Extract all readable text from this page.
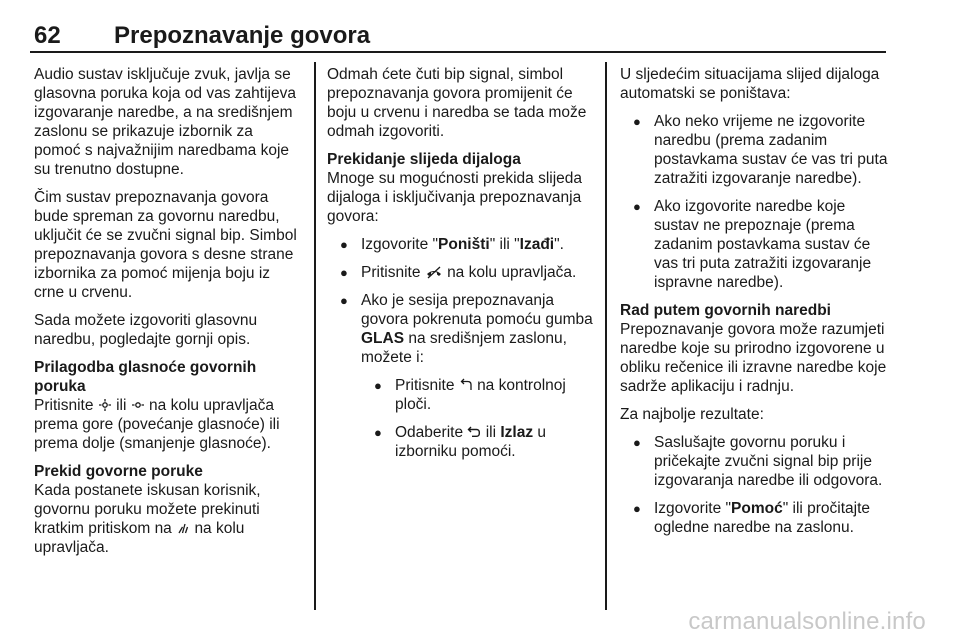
62 Prepoznavanje govora

Audio sustav isključuje zvuk, javlja se glasovna poruka koja od vas zahtijeva izgovaranje naredbe, a na središnjem zaslonu se prikazuje izbornik za pomoć s najvažnijim naredbama koje su trenutno dostupne.

Čim sustav prepoznavanja govora bude spreman za govornu naredbu, uključit će se zvučni signal bip. Simbol prepoznavanja govora s desne strane izbornika za pomoć mijenja boju iz crne u crvenu.

Sada možete izgovoriti glasovnu naredbu, pogledajte gornji opis.

Prilagodba glasnoće govornih poruka

Pritisnite ili na kolu upravljača prema gore (povećanje glasnoće) ili prema dolje (smanjenje glasnoće).

Prekid govorne poruke

Kada postanete iskusan korisnik, govornu poruku možete prekinuti kratkim pritiskom na na kolu upravljača.

Odmah ćete čuti bip signal, simbol prepoznavanja govora promijenit će boju u crvenu i naredba se tada može odmah izgovoriti.

Prekidanje slijeda dijaloga

Mnoge su mogućnosti prekida slijeda dijaloga i isključivanja prepoznavanja govora:

● Izgovorite "Poništi" ili "Izađi".
● Pritisnite na kolu upravljača.
● Ako je sesija prepoznavanja govora pokrenuta pomoću gumba GLAS na središnjem zaslonu, možete i:
● Pritisnite na kontrolnoj ploči.
● Odaberite ili Izlaz u izborniku pomoći.

U sljedećim situacijama slijed dijaloga automatski se poništava:

● Ako neko vrijeme ne izgovorite naredbu (prema zadanim postavkama sustav će vas tri puta zatražiti izgovaranje naredbe).
● Ako izgovorite naredbe koje sustav ne prepoznaje (prema zadanim postavkama sustav će vas tri puta zatražiti izgovaranje ispravne naredbe).
Rad putem govornih naredbi

Prepoznavanje govora može razumjeti naredbe koje su prirodno izgovorene u obliku rečenice ili izravne naredbe koje sadrže aplikaciju i radnju.

Za najbolje rezultate:

● Saslušajte govornu poruku i pričekajte zvučni signal bip prije izgovaranja naredbe ili odgovora.
● Izgovorite "Pomoć" ili pročitajte ogledne naredbe na zaslonu.
carmanualsonline.info
